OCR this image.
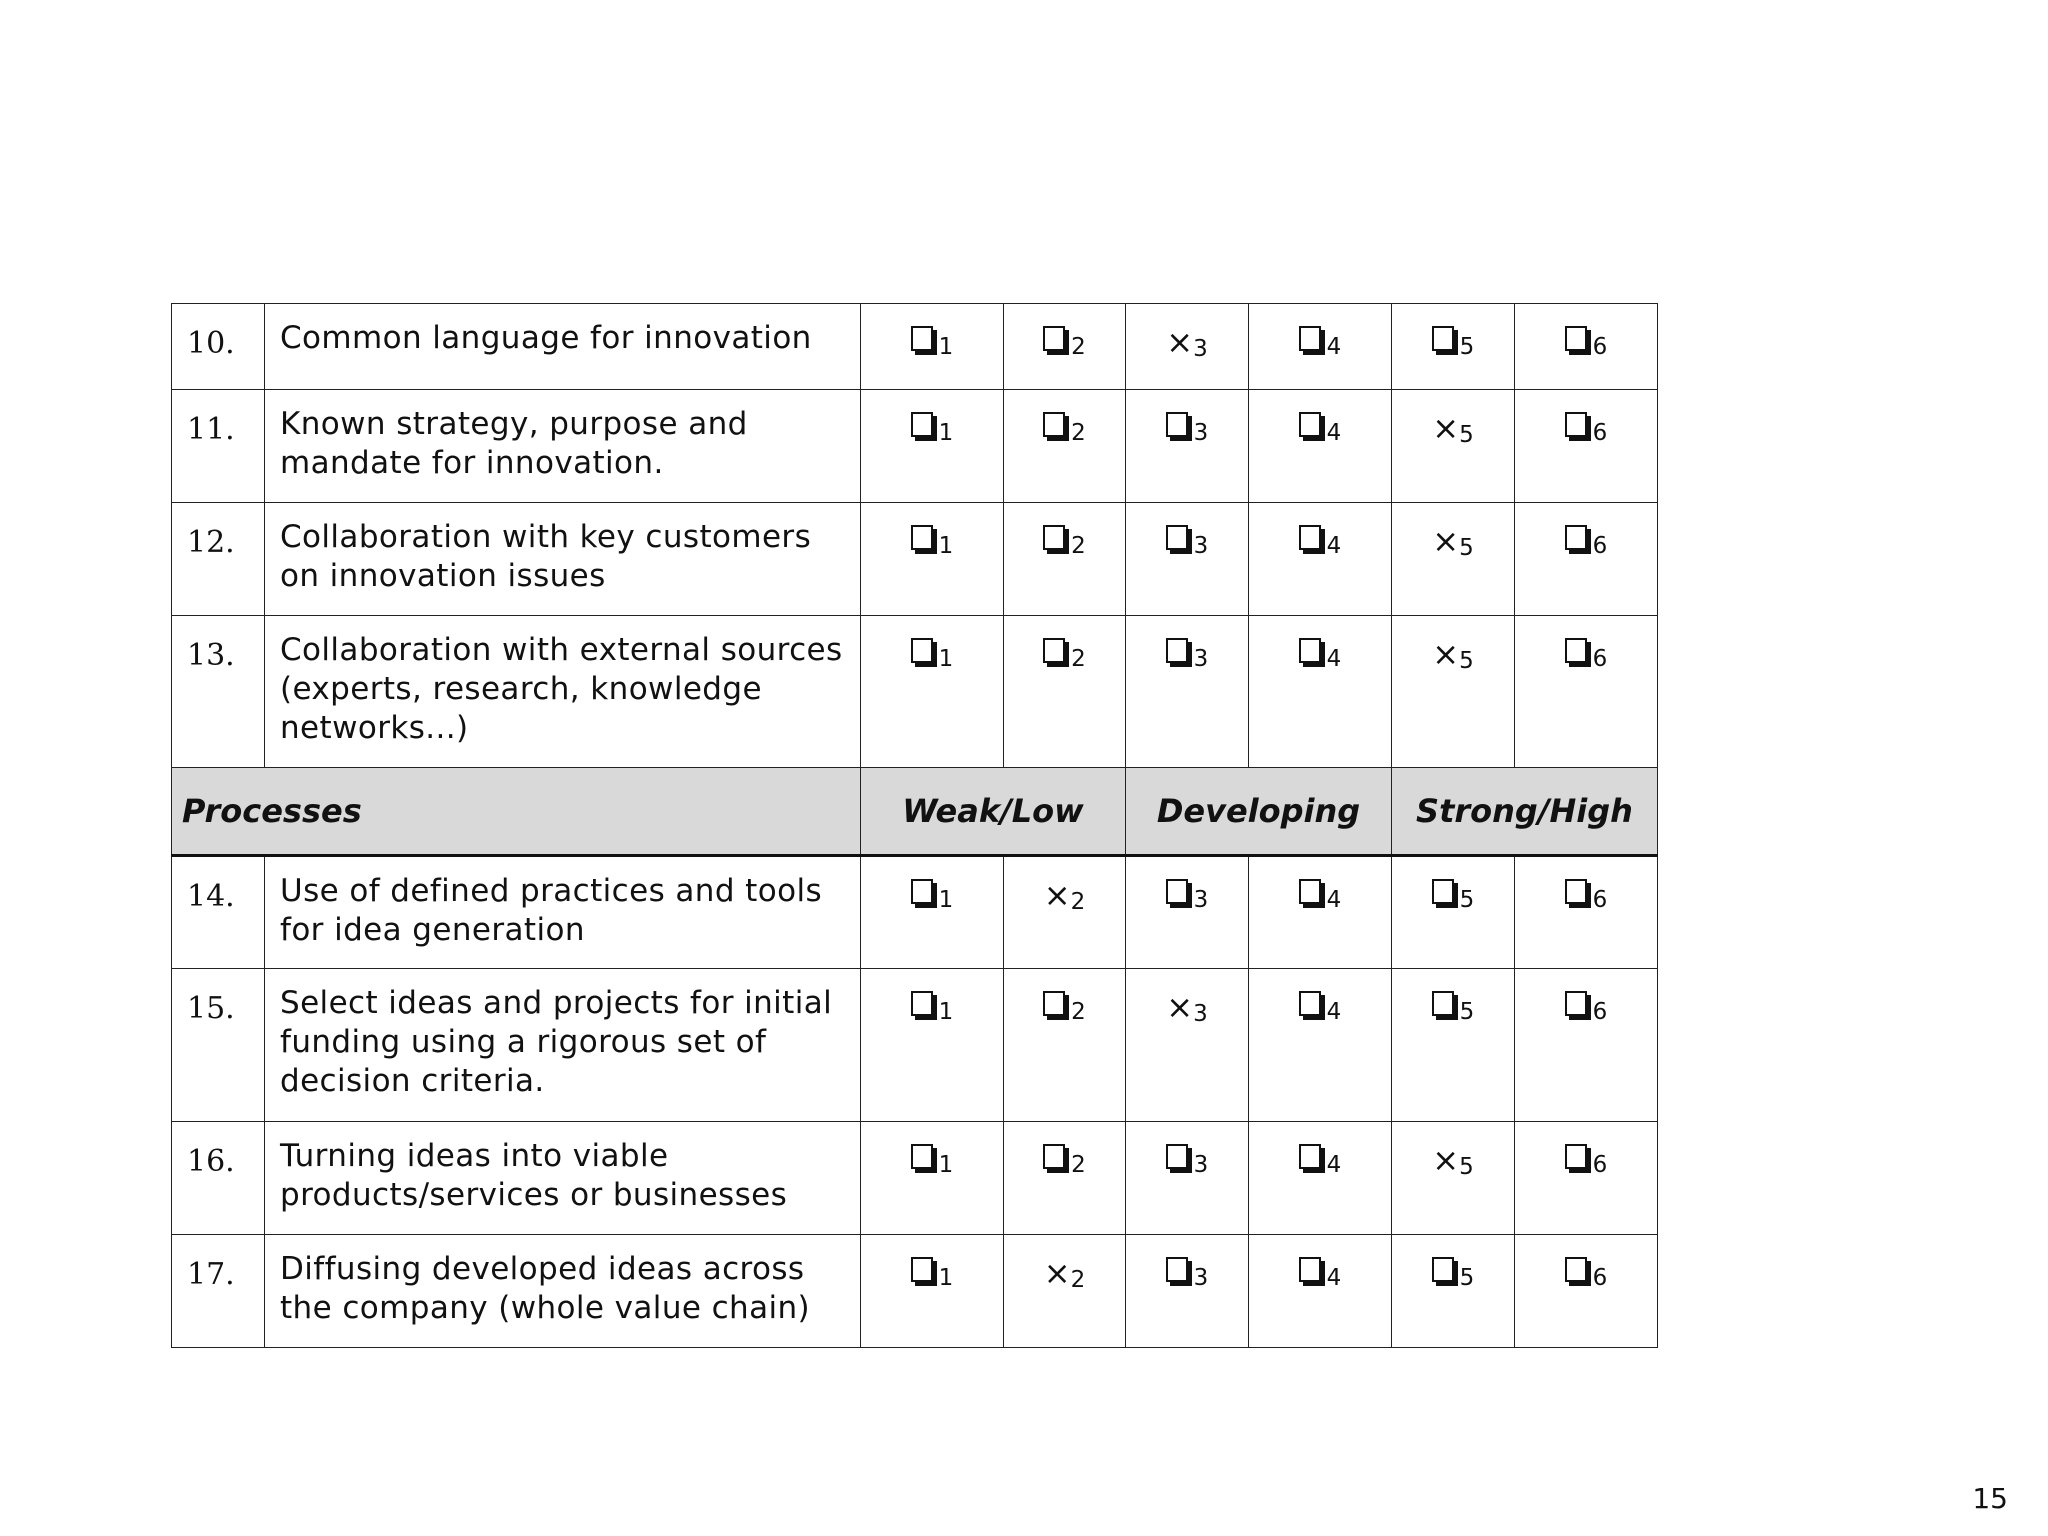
10.	Common language for innovation	1	2	×3	4	5	6
11.	Known strategy, purpose and mandate for innovation.	1	2	3	4	×5	6
12.	Collaboration with key customers on innovation issues	1	2	3	4	×5	6
13.	Collaboration with external sources (experts, research, knowledge networks...)	1	2	3	4	×5	6
Processes		Weak/Low		Developing		Strong/High	
14.	Use of defined practices and tools for idea generation	1	×2	3	4	5	6
15.	Select ideas and projects for initial funding using a rigorous set of decision criteria.	1	2	×3	4	5	6
16.	Turning ideas into viable products/services or businesses	1	2	3	4	×5	6
17.	Diffusing developed ideas across the company (whole value chain)	1	×2	3	4	5	6
15
